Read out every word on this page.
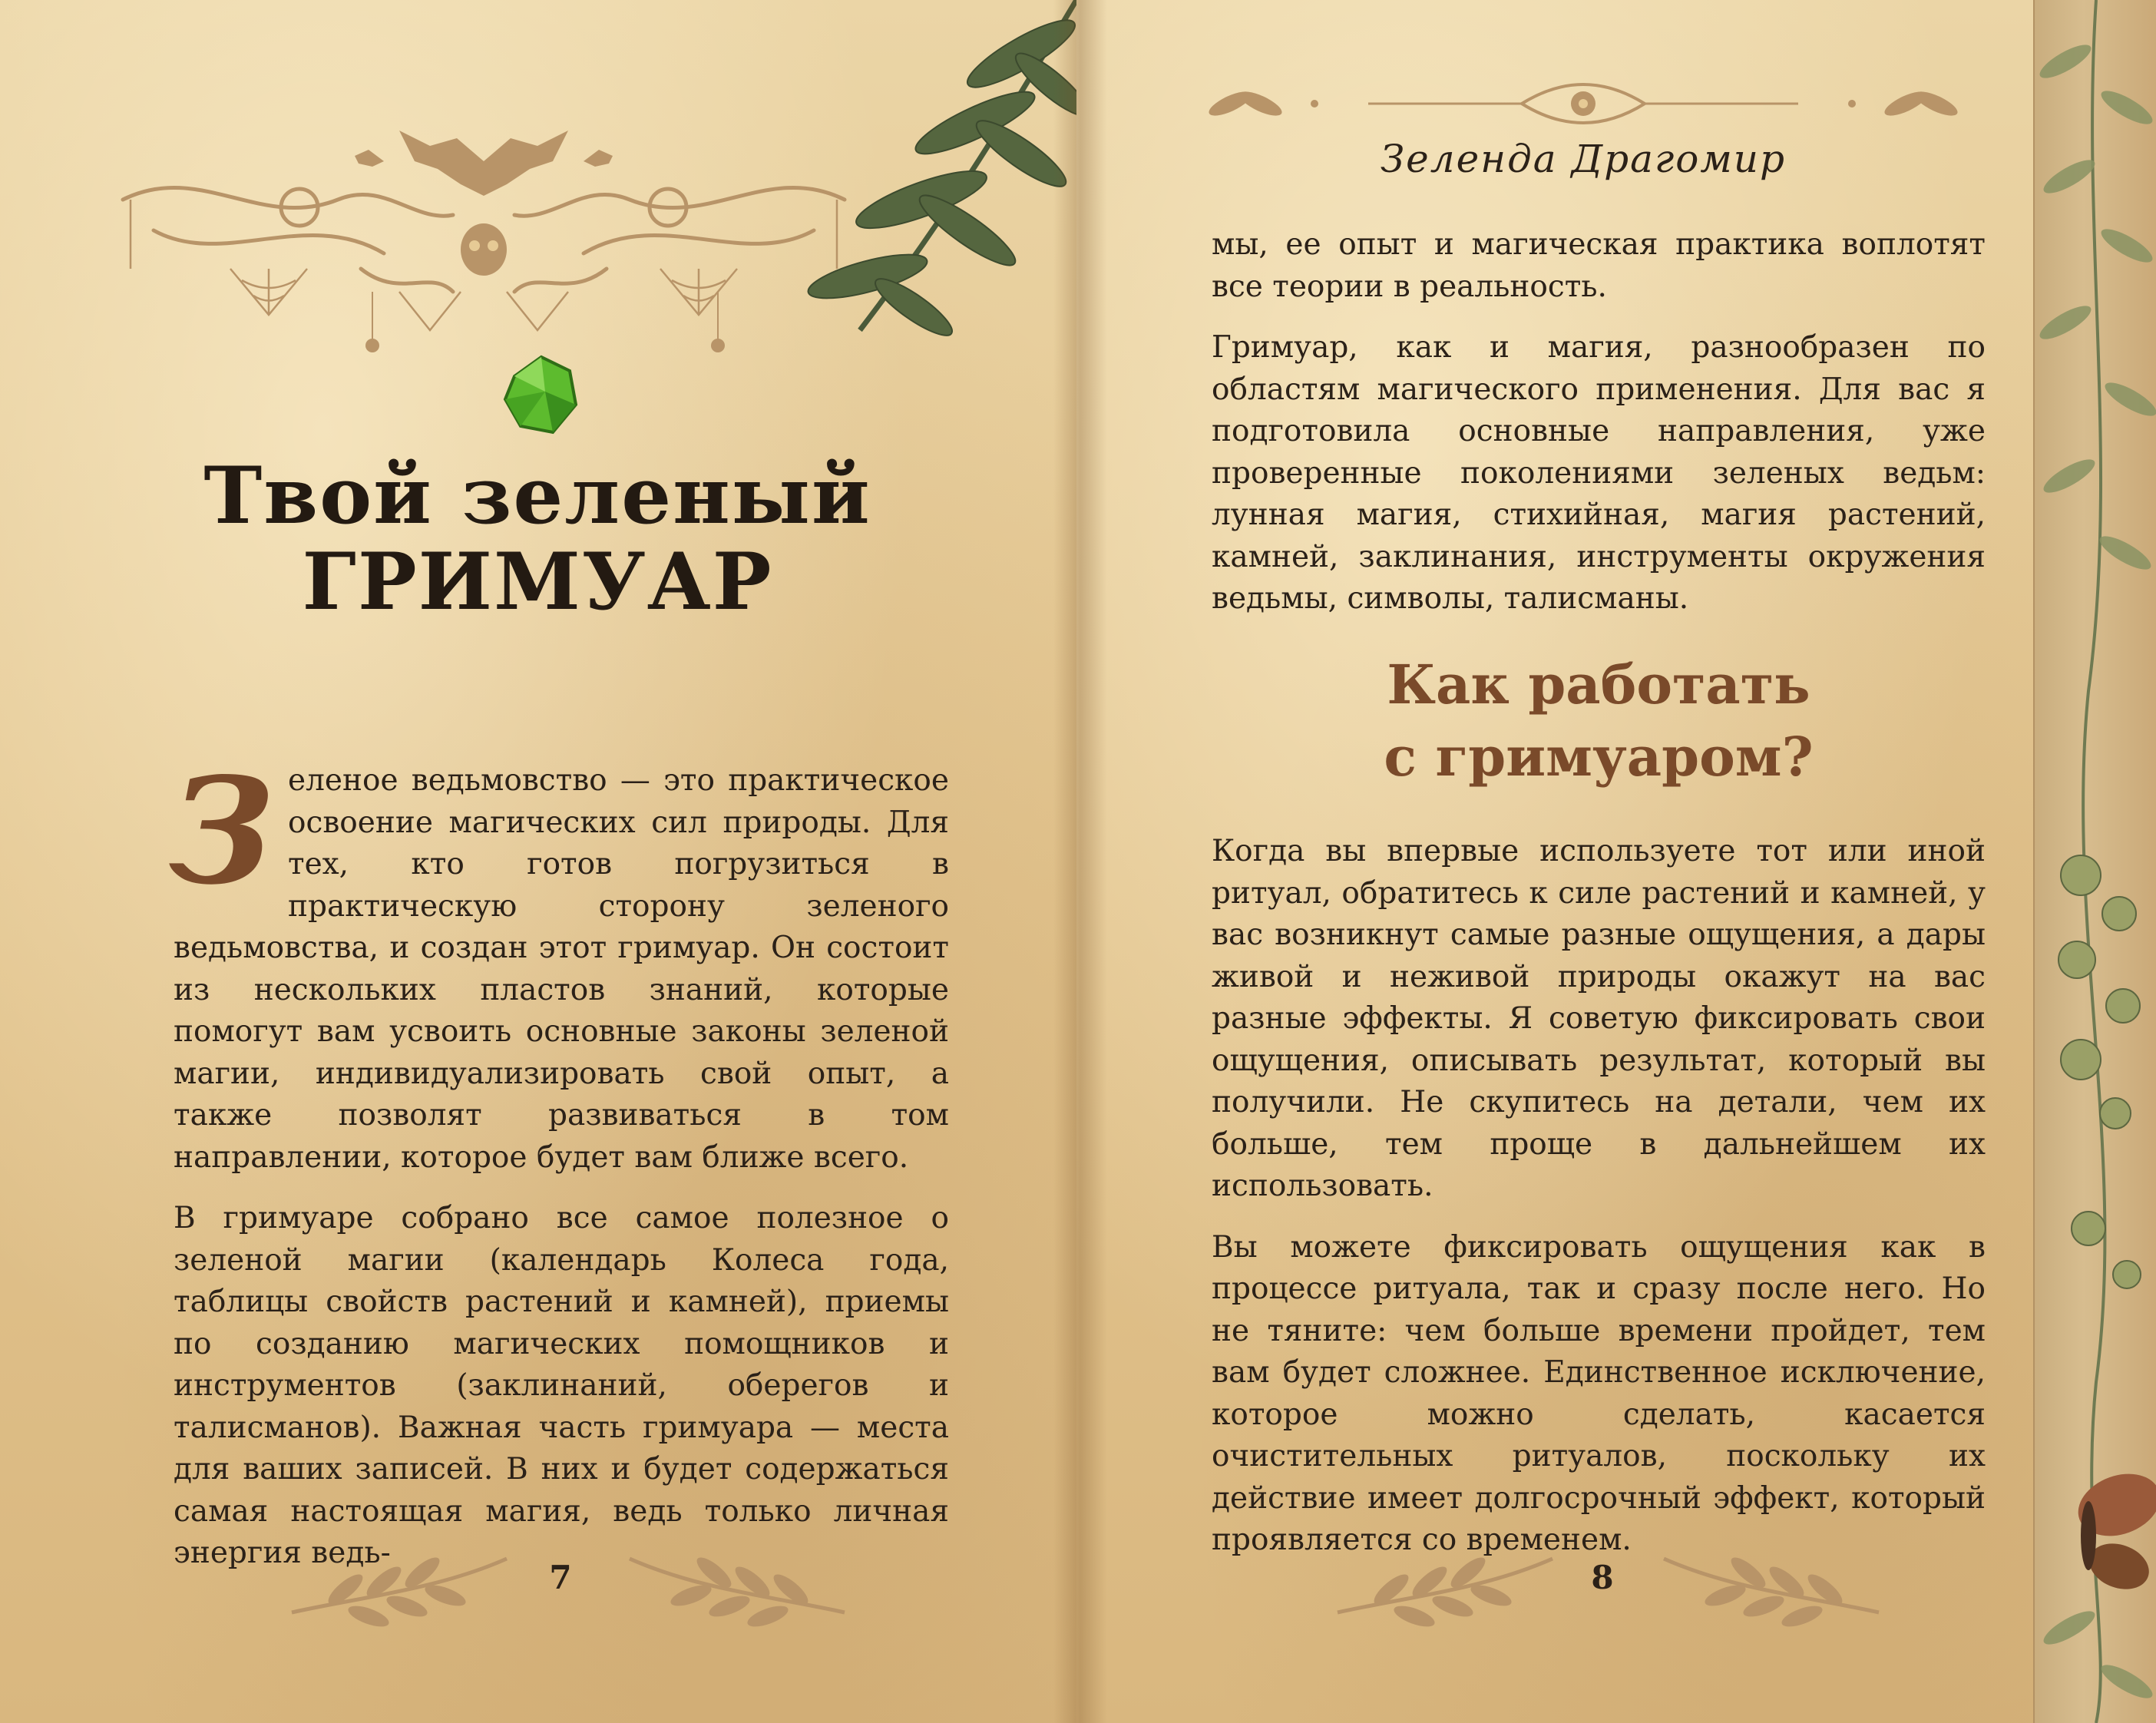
Твой зеленый
ГРИМУАР

Зеленое ведьмовство — это практическое освоение магических сил природы. Для тех, кто готов погрузиться в практическую сторону зеленого ведьмовства, и создан этот гримуар. Он состоит из нескольких пластов знаний, которые помогут вам усвоить основные законы зеленой магии, индивидуализировать свой опыт, а также позволят развиваться в том направлении, которое будет вам ближе всего.

В гримуаре собрано все самое полезное о зеленой магии (календарь Колеса года, таблицы свойств растений и камней), приемы по созданию магических помощников и инструментов (заклинаний, оберегов и талисманов). Важная часть гримуара — места для ваших записей. В них и будет содержаться самая настоящая магия, ведь только личная энергия ведь-

7
Зеленда Драгомир

мы, ее опыт и магическая практика воплотят все теории в реальность.

Гримуар, как и магия, разнообразен по областям магического применения. Для вас я подготовила основные направления, уже проверенные поколениями зеленых ведьм: лунная магия, стихийная, магия растений, камней, заклинания, инструменты окружения ведьмы, символы, талисманы.

Как работать
с гримуаром?

Когда вы впервые используете тот или иной ритуал, обратитесь к силе растений и камней, у вас возникнут самые разные ощущения, а дары живой и неживой природы окажут на вас разные эффекты. Я советую фиксировать свои ощущения, описывать результат, который вы получили. Не скупитесь на детали, чем их больше, тем проще в дальнейшем их использовать.

Вы можете фиксировать ощущения как в процессе ритуала, так и сразу после него. Но не тяните: чем больше времени пройдет, тем вам будет сложнее. Единственное исключение, которое можно сделать, касается очистительных ритуалов, поскольку их действие имеет долгосрочный эффект, который проявляется со временем.

8
